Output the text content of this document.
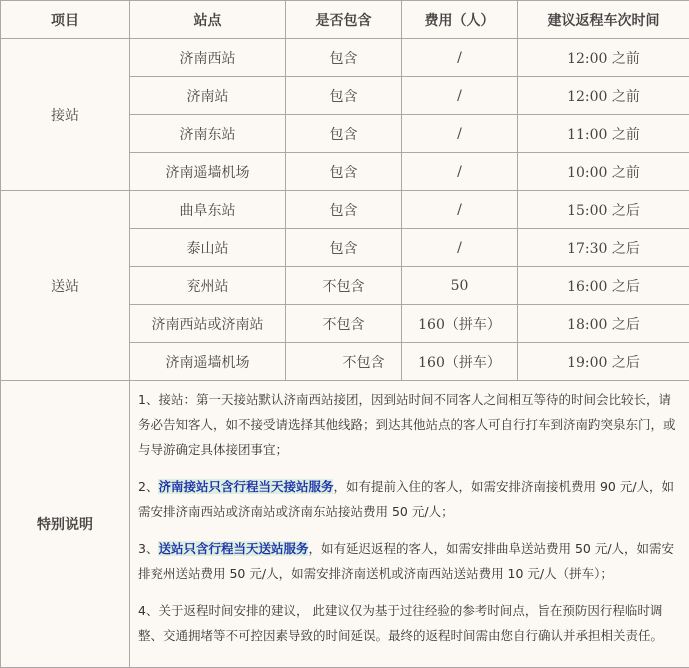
项目	站点	是否包含	费用（人）	建议返程车次时间
接站	济南西站	包含	/	12:00 之前
	济南站	包含	/	12:00 之前
	济南东站	包含	/	11:00 之前
	济南遥墙机场	包含	/	10:00 之前
送站	曲阜东站	包含	/	15:00 之后
	泰山站	包含	/	17:30 之后
	兖州站	不包含	50	16:00 之后
	济南西站或济南站	不包含	160（拼车）	18:00 之后
	济南遥墙机场	不包含	160（拼车）	19:00 之后
特别说明	1、接站：第一天接站默认济南西站接团，因到站时间不同客人之间相互等待的时间会比较长，请务必告知客人，如不接受请选择其他线路；到达其他站点的客人可自行打车到济南趵突泉东门，或与导游确定具体接团事宜；

2、济南接站只含行程当天接站服务，如有提前入住的客人，如需安排济南接机费用 90 元/人，如需安排济南西站或济南站或济南东站接站费用 50 元/人；

3、送站只含行程当天送站服务，如有延迟返程的客人，如需安排曲阜送站费用 50 元/人，如需安排兖州送站费用 50 元/人，如需安排济南送机或济南西站送站费用 10 元/人（拼车）；

4、关于返程时间安排的建议， 此建议仅为基于过往经验的参考时间点，旨在预防因行程临时调整、交通拥堵等不可控因素导致的时间延误。最终的返程时间需由您自行确认并承担相关责任。			
